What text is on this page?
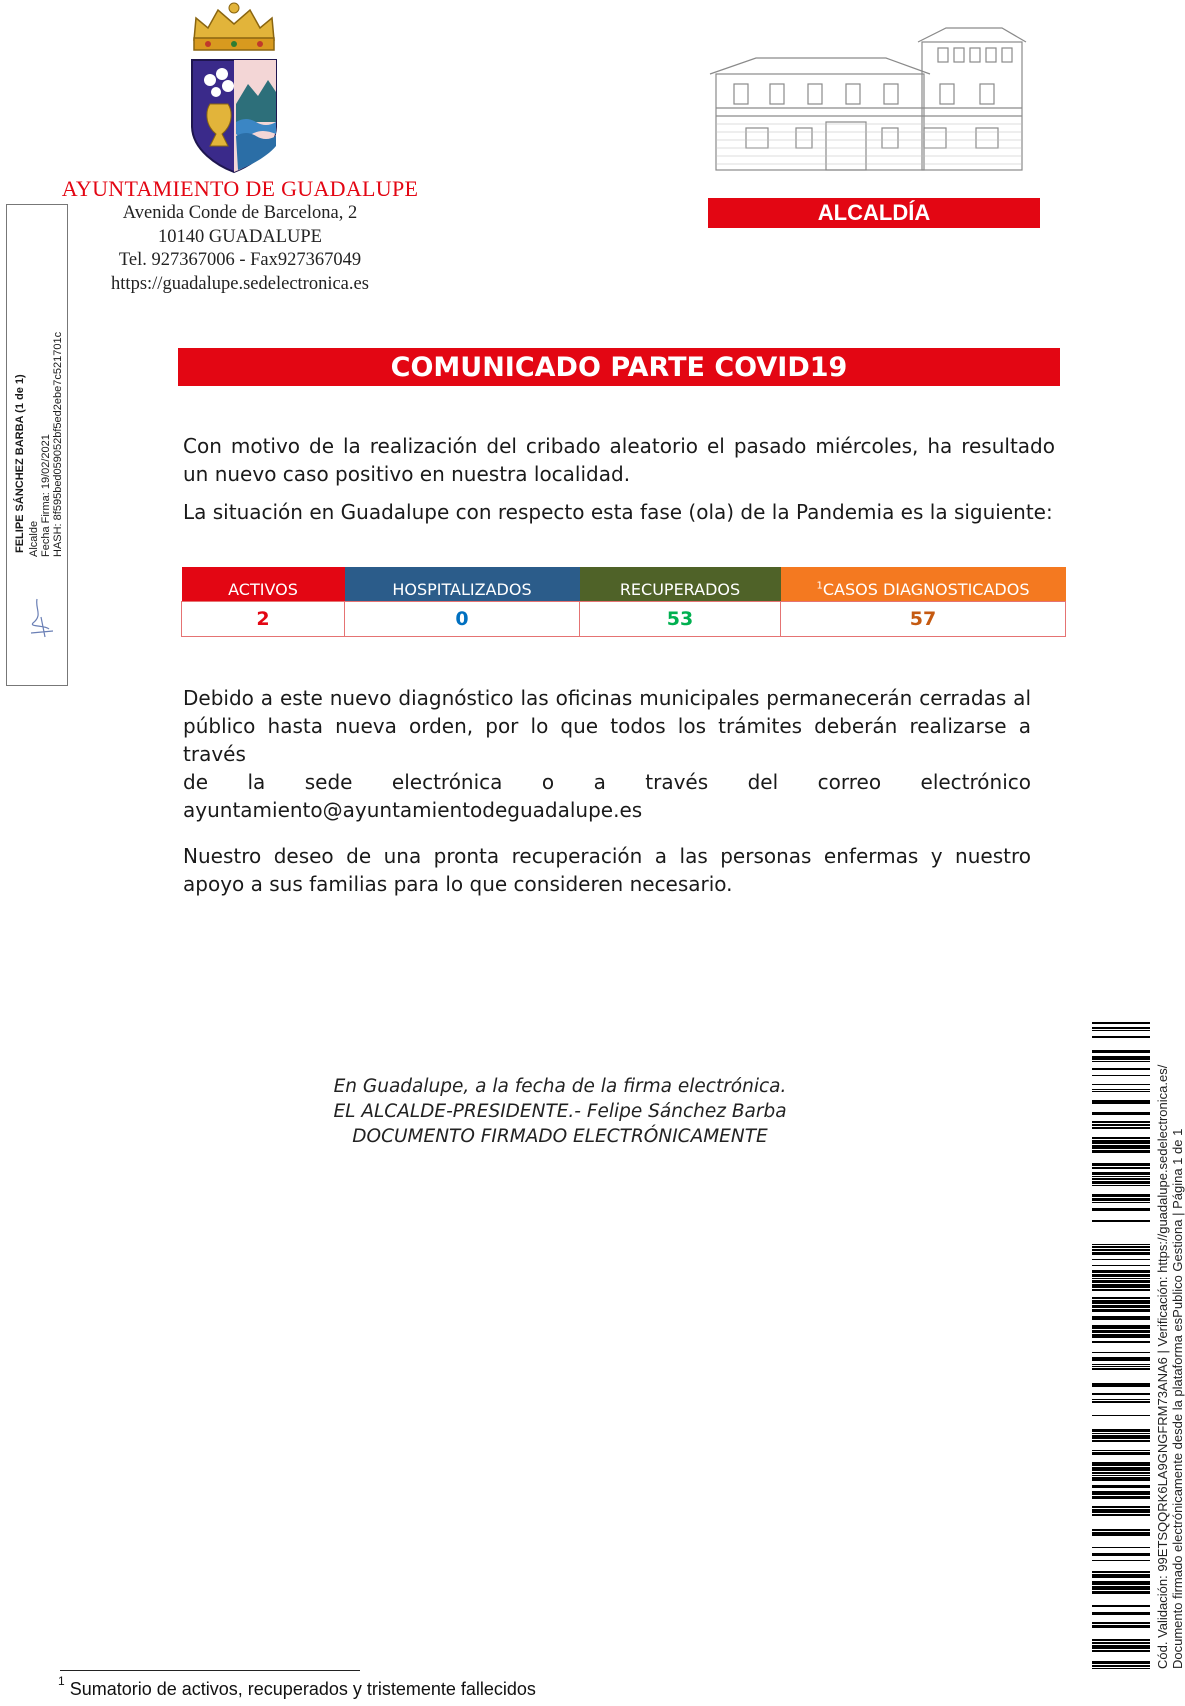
FELIPE SÁNCHEZ BARBA (1 de 1) Alcalde Fecha Firma: 19/02/2021 HASH: 8f595bed059052bf5ed2ebe7c521701c
AYUNTAMIENTO DE GUADALUPE
Avenida Conde de Barcelona, 2
10140 GUADALUPE
Tel. 927367006 - Fax927367049
https://guadalupe.sedelectronica.es
ALCALDÍA
COMUNICADO PARTE COVID19
Con motivo de la realización del cribado aleatorio el pasado miércoles, ha resultado un nuevo caso positivo en nuestra localidad.
La situación en Guadalupe con respecto esta fase (ola) de la Pandemia es la siguiente:
ACTIVOS	HOSPITALIZADOS	RECUPERADOS	$^1$CASOS DIAGNOSTICADOS
2	0	53	57
Debido a este nuevo diagnóstico las oficinas municipales permanecerán cerradas al
público hasta nueva orden, por lo que todos los trámites deberán realizarse a través
de la sede electrónica o a través del correo electrónico
ayuntamiento@ayuntamientodeguadalupe.es
Nuestro deseo de una pronta recuperación a las personas enfermas y nuestro apoyo a sus familias para lo que consideren necesario.
En Guadalupe, a la fecha de la firma electrónica.
EL ALCALDE-PRESIDENTE.- Felipe Sánchez Barba
DOCUMENTO FIRMADO ELECTRÓNICAMENTE	Cód. Validación: 99ETSQQRK6LA9GNGFRM73ANA6 | Verificación: https://guadalupe.sedelectronica.es/ Documento firmado electrónicamente desde la plataforma esPublico Gestiona | Página 1 de 1
$^1$ Sumatorio de activos, recuperados y tristemente fallecidos
